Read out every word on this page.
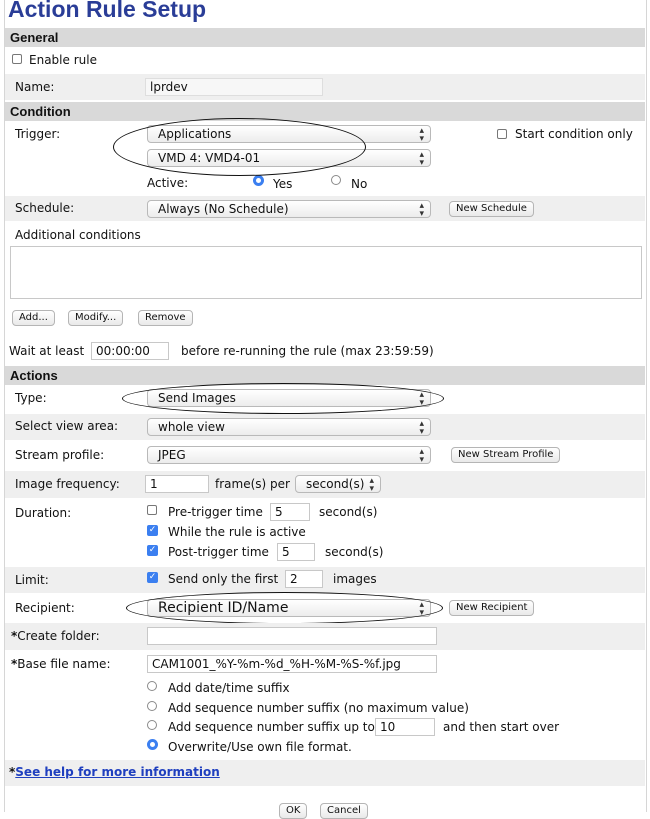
Action Rule Setup
General
Enable rule
Name:	lprdev
Condition
Trigger:	Applications	▴
▾
VMD 4: VMD4-01	▴
▾
Start condition only
Active:	Yes	No
Schedule:	Always (No Schedule)	▴
▾	New Schedule
Additional conditions
Add...	Modify...	Remove
Wait at least 00:00:00	before re-running the rule (max 23:59:59)
Actions
Type:	Send Images	▴
▾
Select view area:	whole view	▴
▾
Stream profile:	JPEG	▴
▾	New Stream Profile
Image frequency:	1	frame(s) per	second(s) ▴
▾
Duration:	Pre-trigger time	5	second(s)
✓ While the rule is active
✓ Post-trigger time	5	second(s)
Limit:	✓ Send only the first 2	images
Recipient:	Recipient ID/Name	▴
▾	New Recipient
*Create folder:
*Base file name:	CAM1001_%Y-%m-%d_%H-%M-%S-%f.jpg
Add date/time suffix
Add sequence number suffix (no maximum value)
Add sequence number suffix up to 10	and then start over
Overwrite/Use own file format.
*See help for more information
OK	Cancel
